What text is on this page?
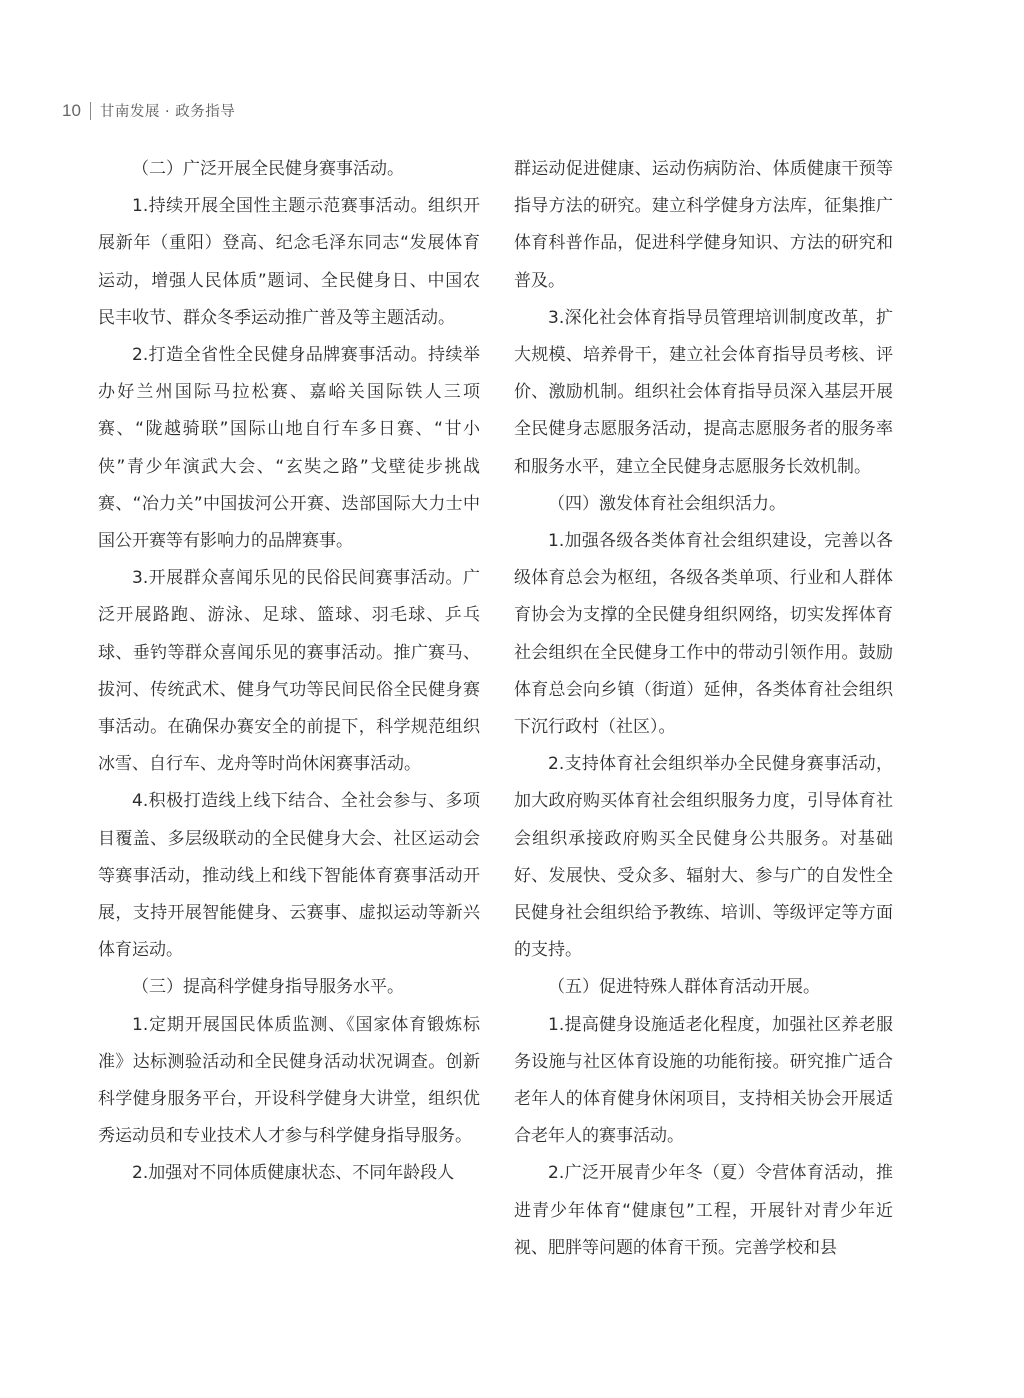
10 甘南发展 · 政务指导

（二）广泛开展全民健身赛事活动。

1.持续开展全国性主题示范赛事活动。组织开展新年（重阳）登高、纪念毛泽东同志“发展体育运动，增强人民体质”题词、全民健身日、中国农民丰收节、群众冬季运动推广普及等主题活动。

2.打造全省性全民健身品牌赛事活动。持续举办好兰州国际马拉松赛、嘉峪关国际铁人三项赛、“陇越骑联”国际山地自行车多日赛、“甘小侠”青少年演武大会、“玄奘之路”戈壁徒步挑战赛、“冶力关”中国拔河公开赛、迭部国际大力士中国公开赛等有影响力的品牌赛事。

3.开展群众喜闻乐见的民俗民间赛事活动。广泛开展路跑、游泳、足球、篮球、羽毛球、乒乓球、垂钓等群众喜闻乐见的赛事活动。推广赛马、拔河、传统武术、健身气功等民间民俗全民健身赛事活动。在确保办赛安全的前提下，科学规范组织冰雪、自行车、龙舟等时尚休闲赛事活动。

4.积极打造线上线下结合、全社会参与、多项目覆盖、多层级联动的全民健身大会、社区运动会等赛事活动，推动线上和线下智能体育赛事活动开展，支持开展智能健身、云赛事、虚拟运动等新兴体育运动。

（三）提高科学健身指导服务水平。

1.定期开展国民体质监测、《国家体育锻炼标准》达标测验活动和全民健身活动状况调查。创新科学健身服务平台，开设科学健身大讲堂，组织优秀运动员和专业技术人才参与科学健身指导服务。

2.加强对不同体质健康状态、不同年龄段人

群运动促进健康、运动伤病防治、体质健康干预等指导方法的研究。建立科学健身方法库，征集推广体育科普作品，促进科学健身知识、方法的研究和普及。

3.深化社会体育指导员管理培训制度改革，扩大规模、培养骨干，建立社会体育指导员考核、评价、激励机制。组织社会体育指导员深入基层开展全民健身志愿服务活动，提高志愿服务者的服务率和服务水平，建立全民健身志愿服务长效机制。

（四）激发体育社会组织活力。

1.加强各级各类体育社会组织建设，完善以各级体育总会为枢纽，各级各类单项、行业和人群体育协会为支撑的全民健身组织网络，切实发挥体育社会组织在全民健身工作中的带动引领作用。鼓励体育总会向乡镇（街道）延伸，各类体育社会组织下沉行政村（社区）。

2.支持体育社会组织举办全民健身赛事活动，加大政府购买体育社会组织服务力度，引导体育社会组织承接政府购买全民健身公共服务。对基础好、发展快、受众多、辐射大、参与广的自发性全民健身社会组织给予教练、培训、等级评定等方面的支持。

（五）促进特殊人群体育活动开展。

1.提高健身设施适老化程度，加强社区养老服务设施与社区体育设施的功能衔接。研究推广适合老年人的体育健身休闲项目，支持相关协会开展适合老年人的赛事活动。

2.广泛开展青少年冬（夏）令营体育活动，推进青少年体育“健康包”工程，开展针对青少年近视、肥胖等问题的体育干预。完善学校和县
